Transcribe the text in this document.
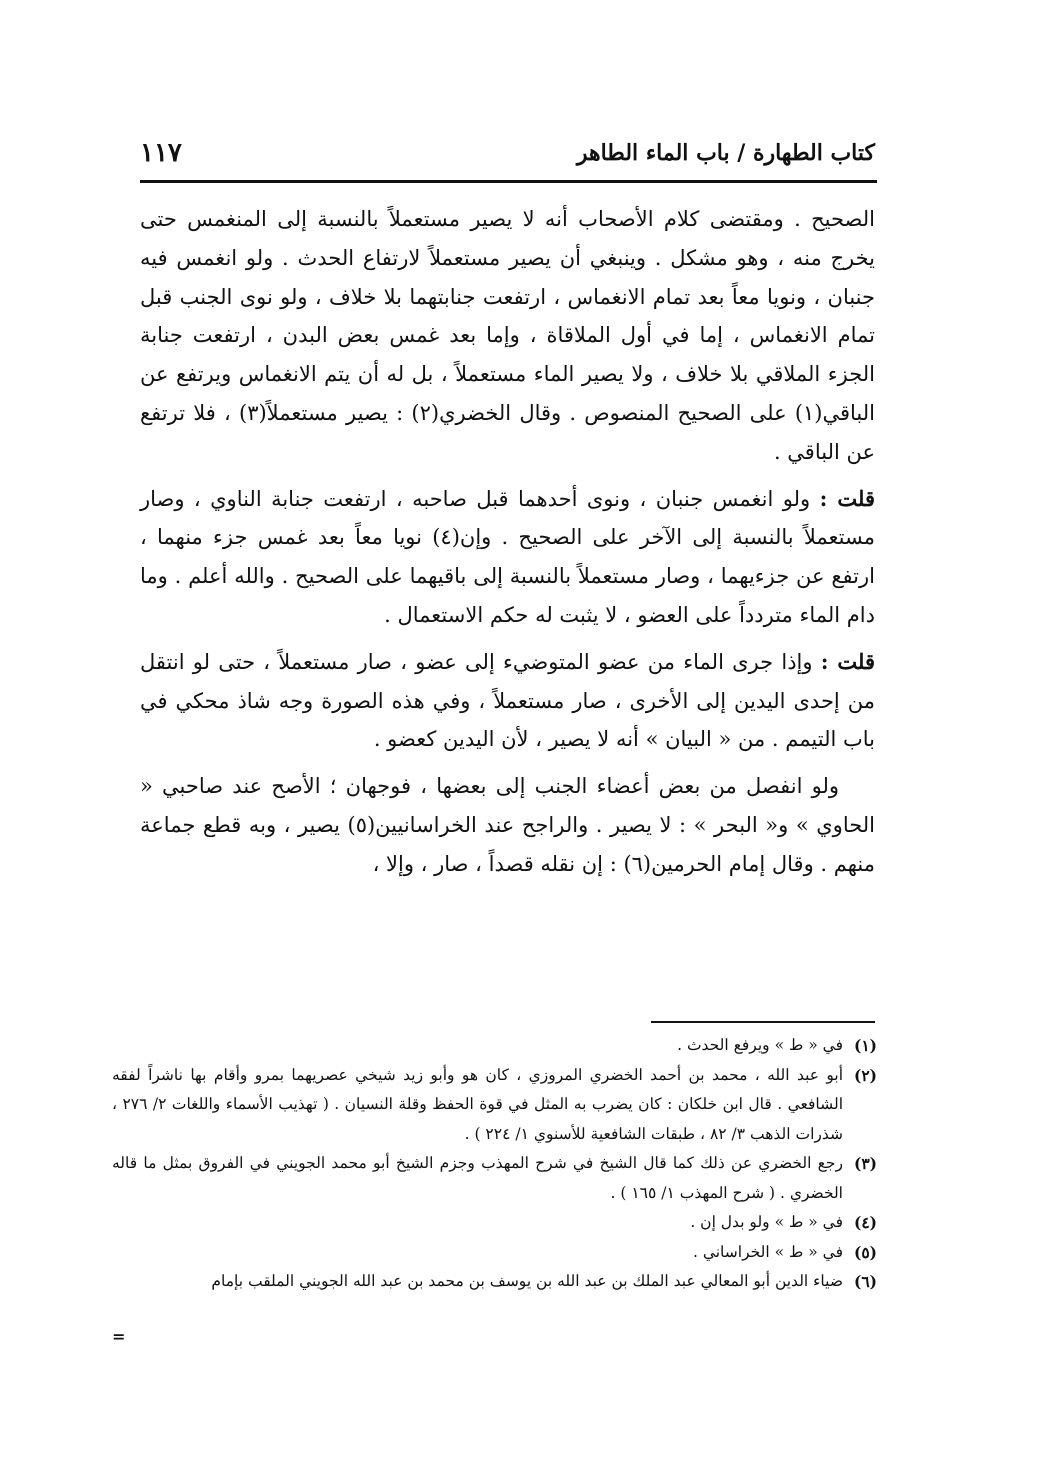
كتاب الطهارة / باب الماء الطاهر
١١٧

الصحيح . ومقتضى كلام الأصحاب أنه لا يصير مستعملاً بالنسبة إلى المنغمس حتى يخرج منه ، وهو مشكل . وينبغي أن يصير مستعملاً لارتفاع الحدث . ولو انغمس فيه جنبان ، ونويا معاً بعد تمام الانغماس ، ارتفعت جنابتهما بلا خلاف ، ولو نوى الجنب قبل تمام الانغماس ، إما في أول الملاقاة ، وإما بعد غمس بعض البدن ، ارتفعت جنابة الجزء الملاقي بلا خلاف ، ولا يصير الماء مستعملاً ، بل له أن يتم الانغماس ويرتفع عن الباقي(١) على الصحيح المنصوص . وقال الخضري(٢) : يصير مستعملاً(٣) ، فلا ترتفع عن الباقي .

قلت : ولو انغمس جنبان ، ونوى أحدهما قبل صاحبه ، ارتفعت جنابة الناوي ، وصار مستعملاً بالنسبة إلى الآخر على الصحيح . وإن(٤) نويا معاً بعد غمس جزء منهما ، ارتفع عن جزءيهما ، وصار مستعملاً بالنسبة إلى باقيهما على الصحيح . والله أعلم . وما دام الماء متردداً على العضو ، لا يثبت له حكم الاستعمال .

قلت : وإذا جرى الماء من عضو المتوضيء إلى عضو ، صار مستعملاً ، حتى لو انتقل من إحدى اليدين إلى الأخرى ، صار مستعملاً ، وفي هذه الصورة وجه شاذ محكي في باب التيمم . من « البيان » أنه لا يصير ، لأن اليدين كعضو .

ولو انفصل من بعض أعضاء الجنب إلى بعضها ، فوجهان ؛ الأصح عند صاحبي « الحاوي » و« البحر » : لا يصير . والراجح عند الخراسانيين(٥) يصير ، وبه قطع جماعة منهم . وقال إمام الحرمين(٦) : إن نقله قصداً ، صار ، وإلا ،

(١)
في « ط » ويرفع الحدث .
(٢)
أبو عبد الله ، محمد بن أحمد الخضري المروزي ، كان هو وأبو زيد شيخي عصريهما بمرو وأقام بها ناشراً لفقه الشافعي . قال ابن خلكان : كان يضرب به المثل في قوة الحفظ وقلة النسيان . ( تهذيب الأسماء واللغات ٢/ ٢٧٦ ، شذرات الذهب ٣/ ٨٢ ، طبقات الشافعية للأسنوي ١/ ٢٢٤ ) .
(٣)
رجع الخضري عن ذلك كما قال الشيخ في شرح المهذب وجزم الشيخ أبو محمد الجويني في الفروق بمثل ما قاله الخضري . ( شرح المهذب ١/ ١٦٥ ) .
(٤)
في « ط » ولو بدل إن .
(٥)
في « ط » الخراساني .
(٦)
ضياء الدين أبو المعالي عبد الملك بن عبد الله بن يوسف بن محمد بن عبد الله الجويني الملقب بإمام
=
